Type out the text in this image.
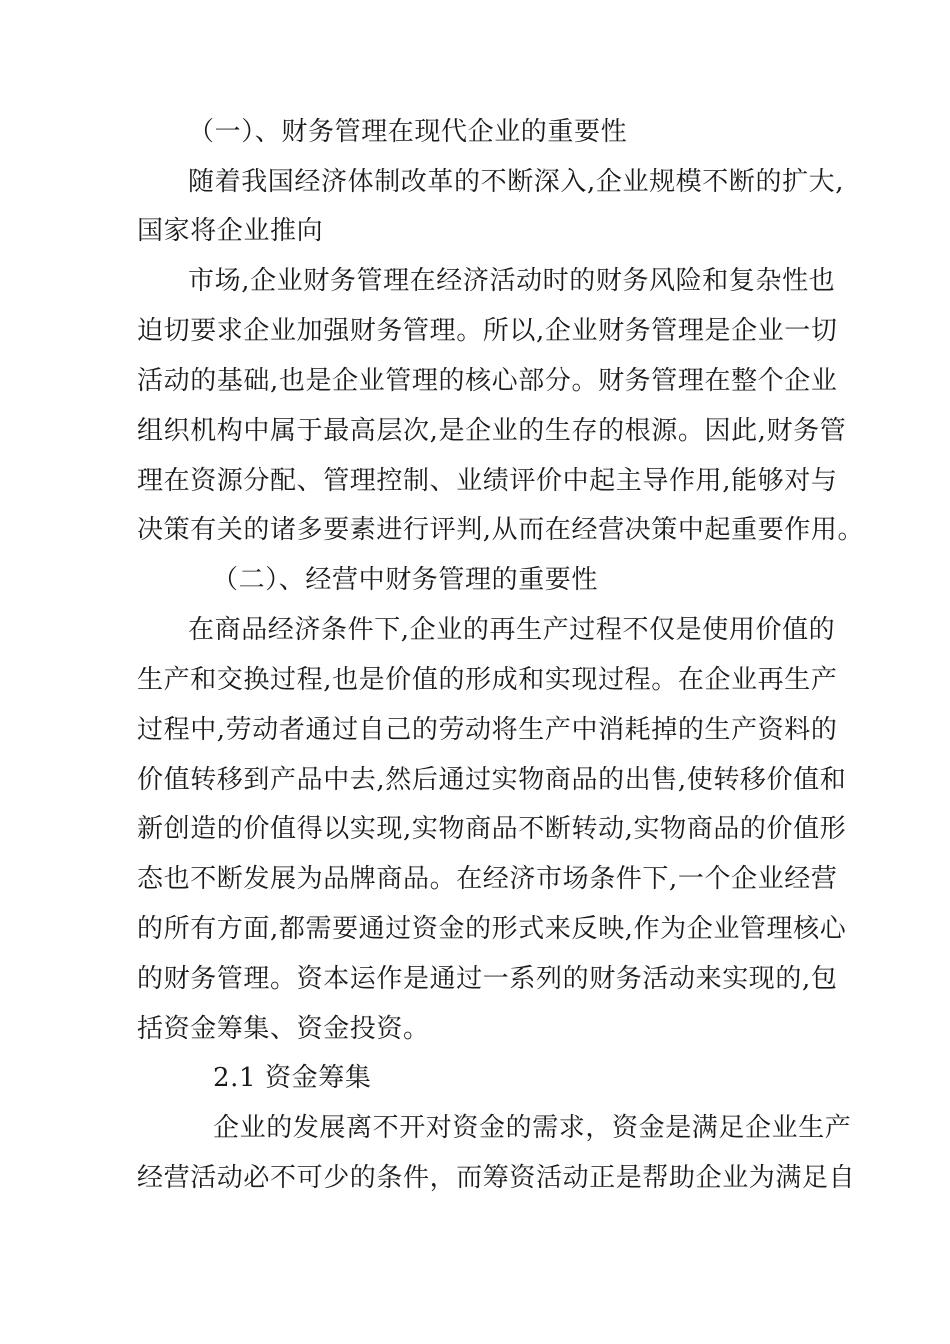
（一）、财务管理在现代企业的重要性
随着我国经济体制改革的不断深入,企业规模不断的扩大,
国家将企业推向
市场,企业财务管理在经济活动时的财务风险和复杂性也
迫切要求企业加强财务管理。所以,企业财务管理是企业一切
活动的基础,也是企业管理的核心部分。财务管理在整个企业
组织机构中属于最高层次,是企业的生存的根源。因此,财务管
理在资源分配、管理控制、业绩评价中起主导作用,能够对与
决策有关的诸多要素进行评判,从而在经营决策中起重要作用。
（二）、经营中财务管理的重要性
在商品经济条件下,企业的再生产过程不仅是使用价值的
生产和交换过程,也是价值的形成和实现过程。在企业再生产
过程中,劳动者通过自己的劳动将生产中消耗掉的生产资料的
价值转移到产品中去,然后通过实物商品的出售,使转移价值和
新创造的价值得以实现,实物商品不断转动,实物商品的价值形
态也不断发展为品牌商品。在经济市场条件下,一个企业经营
的所有方面,都需要通过资金的形式来反映,作为企业管理核心
的财务管理。资本运作是通过一系列的财务活动来实现的,包
括资金筹集、资金投资。
2.1 资金筹集
企业的发展离不开对资金的需求，资金是满足企业生产
经营活动必不可少的条件，而筹资活动正是帮助企业为满足自
